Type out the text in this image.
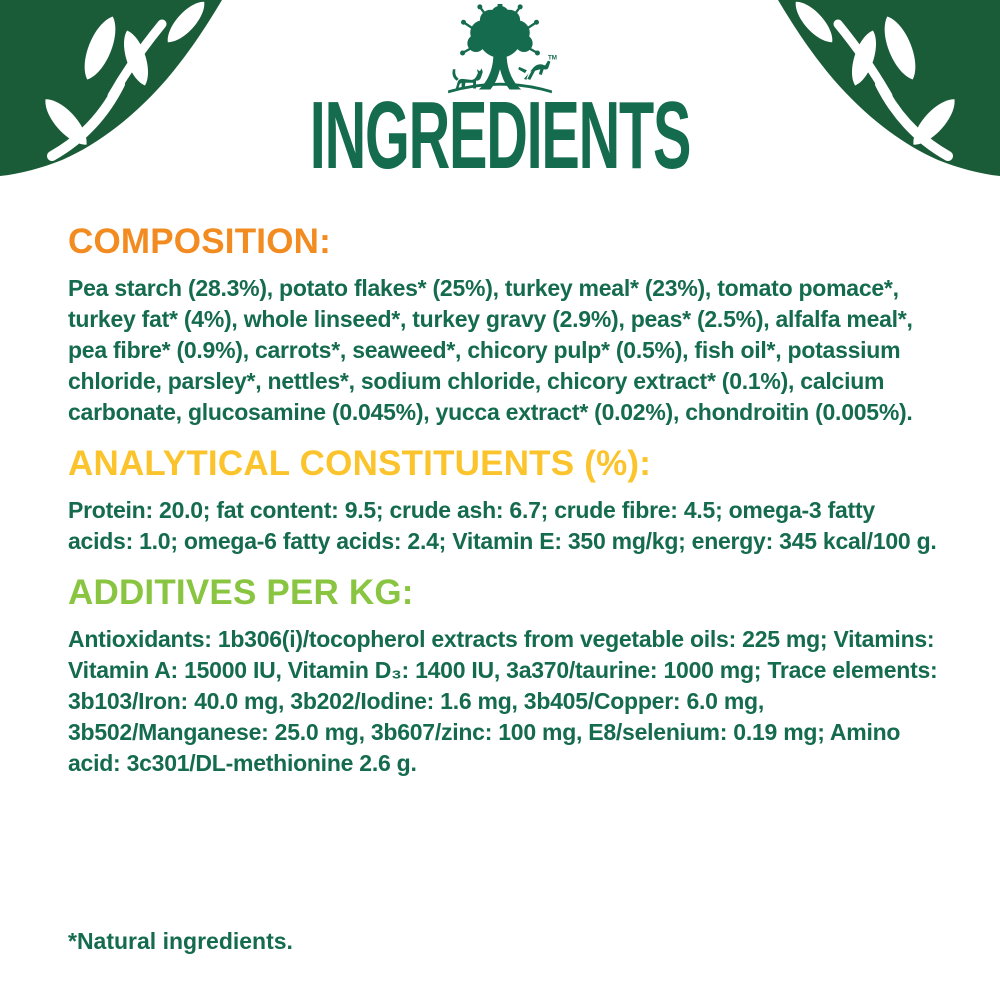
TM
INGREDIENTS
COMPOSITION:

Pea starch (28.3%), potato flakes* (25%), turkey meal* (23%), tomato pomace*, turkey fat* (4%), whole linseed*, turkey gravy (2.9%), peas* (2.5%), alfalfa meal*, pea fibre* (0.9%), carrots*, seaweed*, chicory pulp* (0.5%), fish oil*, potassium chloride, parsley*, nettles*, sodium chloride, chicory extract* (0.1%), calcium carbonate, glucosamine (0.045%), yucca extract* (0.02%), chondroitin (0.005%).

ANALYTICAL CONSTITUENTS (%):

Protein: 20.0; fat content: 9.5; crude ash: 6.7; crude fibre: 4.5; omega-3 fatty acids: 1.0; omega-6 fatty acids: 2.4; Vitamin E: 350 mg/kg; energy: 345 kcal/100 g.

ADDITIVES PER KG:

Antioxidants: 1b306(i)/tocopherol extracts from vegetable oils: 225 mg; Vitamins: Vitamin A: 15000 IU, Vitamin D₃: 1400 IU, 3a370/taurine: 1000 mg; Trace elements: 3b103/Iron: 40.0 mg, 3b202/Iodine: 1.6 mg, 3b405/Copper: 6.0 mg, 3b502/Manganese: 25.0 mg, 3b607/zinc: 100 mg, E8/selenium: 0.19 mg; Amino acid: 3c301/DL-methionine 2.6 g.

*Natural ingredients.
